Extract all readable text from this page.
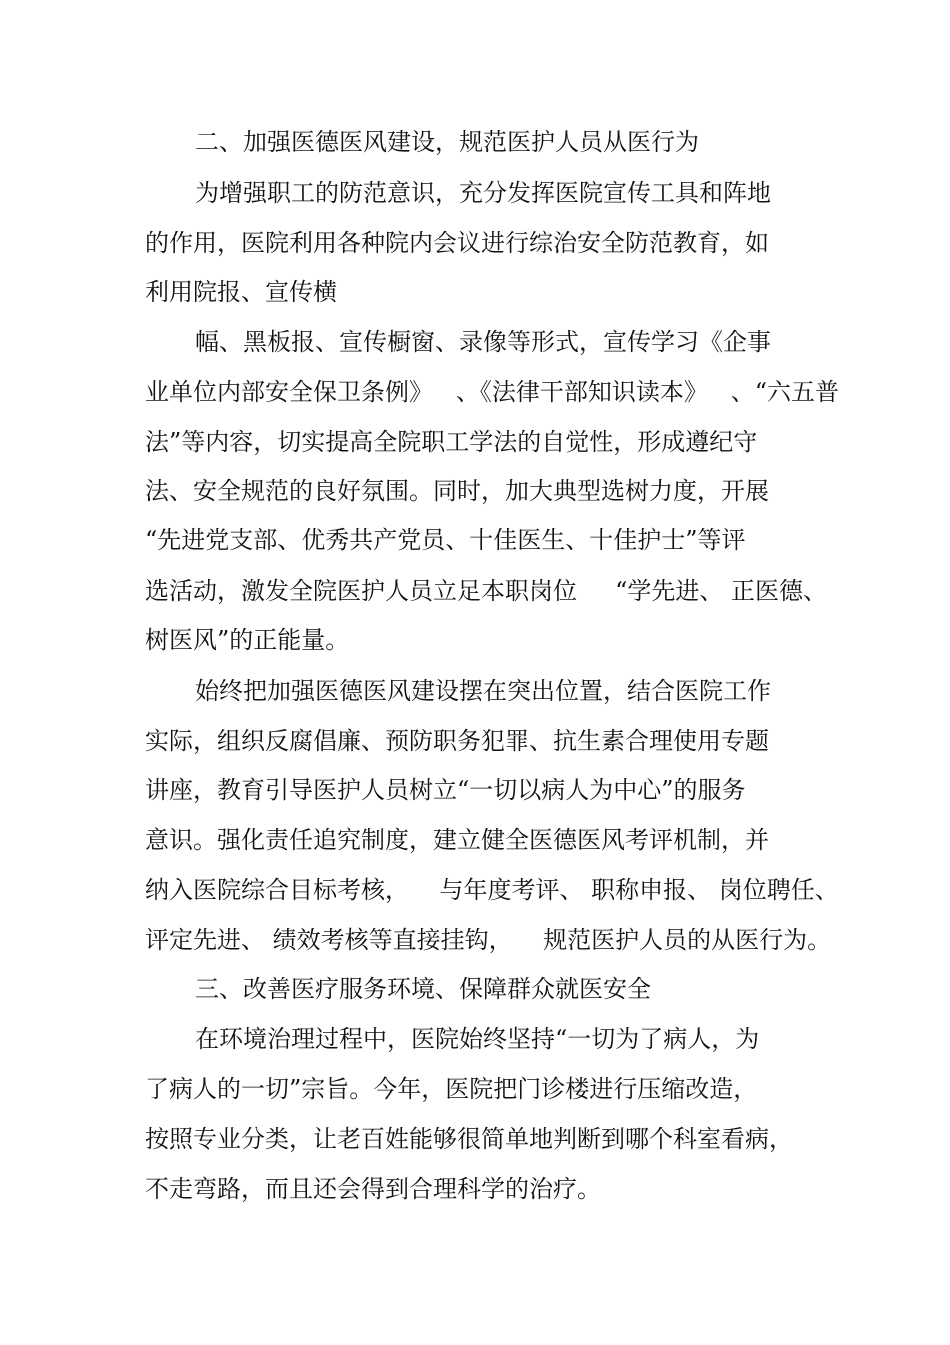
二、加强医德医风建设，规范医护人员从医行为

为增强职工的防范意识，充分发挥医院宣传工具和阵地

的作用，医院利用各种院内会议进行综治安全防范教育，如

利用院报、宣传横

幅、黑板报、宣传橱窗、录像等形式，宣传学习《企事

业单位内部安全保卫条例》   、《法律干部知识读本》   、“六五普

法”等内容，切实提高全院职工学法的自觉性，形成遵纪守

法、安全规范的良好氛围。同时，加大典型选树力度，开展

“先进党支部、优秀共产党员、十佳医生、十佳护士”等评

选活动，激发全院医护人员立足本职岗位     “学先进、 正医德、

树医风”的正能量。

始终把加强医德医风建设摆在突出位置，结合医院工作

实际，组织反腐倡廉、预防职务犯罪、抗生素合理使用专题

讲座，教育引导医护人员树立“一切以病人为中心”的服务

意识。强化责任追究制度，建立健全医德医风考评机制，并

纳入医院综合目标考核，    与年度考评、 职称申报、 岗位聘任、

评定先进、 绩效考核等直接挂钩，    规范医护人员的从医行为。

三、改善医疗服务环境、保障群众就医安全

在环境治理过程中，医院始终坚持“一切为了病人，为

了病人的一切”宗旨。今年，医院把门诊楼进行压缩改造，

按照专业分类，让老百姓能够很简单地判断到哪个科室看病，

不走弯路，而且还会得到合理科学的治疗。
